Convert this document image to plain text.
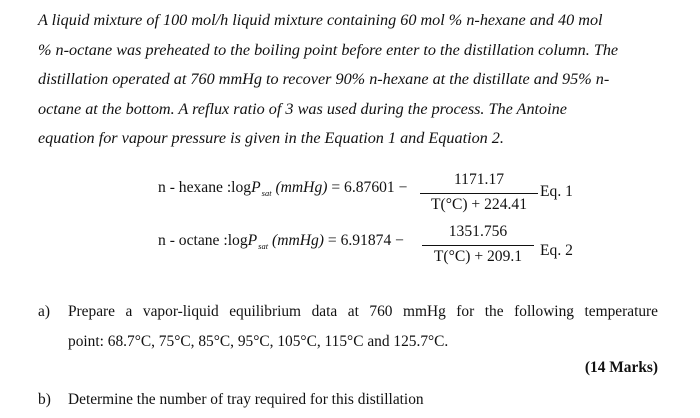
A liquid mixture of 100 mol/h liquid mixture containing 60 mol % n-hexane and 40 mol
% n-octane was preheated to the boiling point before enter to the distillation column. The
distillation operated at 760 mmHg to recover 90% n-hexane at the distillate and 95% n-
octane at the bottom. A reflux ratio of 3 was used during the process. The Antoine
equation for vapour pressure is given in the Equation 1 and Equation 2.
n - hexane :logP$_{sat}$ (mmHg) = 6.87601 −	1171.17
T(°C) + 224.41
Eq. 1
n - octane :logP$_{sat}$ (mmHg) = 6.91874 −
1351.756
T(°C) + 209.1	Eq. 2
a) Prepare a vapor-liquid equilibrium data at 760 mmHg for the following temperature
point: 68.7°C, 75°C, 85°C, 95°C, 105°C, 115°C and 125.7°C.
(14 Marks)
b) Determine the number of tray required for this distillation
